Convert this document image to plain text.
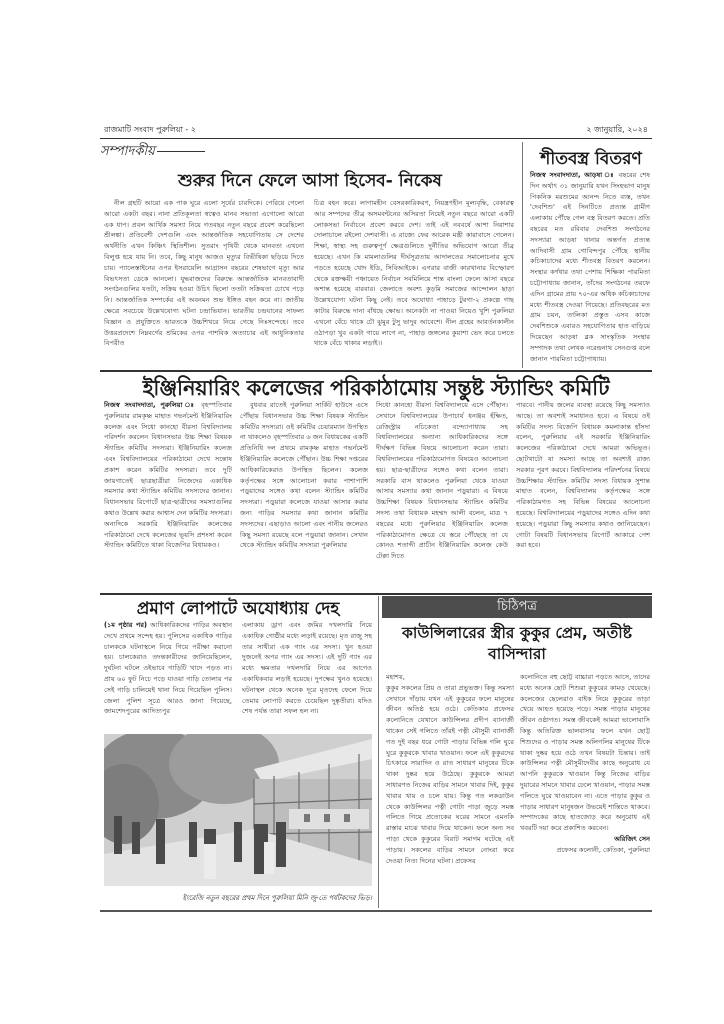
রাজমাটি সংবাদ পুরুলিয়া - ২	২ জানুয়ারি, ২০২৪
সম্পাদকীয়
শুরুর দিনে ফেলে আসা হিসেব- নিকেষ
নীল গ্রহটি আরো এক পাক ঘুরে এলো সূর্যের চারদিকে। পেরিয়ে গেলো আরো একটা বছর। নানা প্রতিকূলতা স্বত্বেও মানব সভ্যতা এগোলো আরো এক ধাপ। প্রবল আর্থিক সমস্যা নিয়ে গতবছর নতুন বছরে প্রবেশ করেছিলো শ্রীলঙ্কা। প্রতিবেশী দেশগুলি এবং আন্তর্জাতিক সহযোগিতায় সে দেশের অর্থনীতি এখন কিঞ্চিৎ স্থিতিশীল। সুতরাং পৃথিবী থেকে মানবতা এখনো বিলুপ্ত হয়ে যায় নি। তবে, কিছু মানুষ আজও মৃত্যুর বিভীষিকা ছড়িয়ে দিতে চায়। প্যালেস্তাইনের ওপর ইসরায়েলি আগ্রাসন বছরের শেষভাগে মৃত্যু আর বিভৎসতা ডেকে আনলো। যুদ্ধবাজদের বিরুদ্ধে আন্তর্জাতিক মানবতাবাদী সংগঠনগুলির যতটা, সক্রিয় হওয়া উচিৎ ছিলো ততটা সক্রিয়তা চোখে পড়ে নি। আন্তর্জাতিক সম্পর্কের এই অবনমন শুভ ইঙ্গিত বহন করে না। জাতীয় ক্ষেত্রে সবচেয়ে উল্লেখযোগ্য ঘটনা চন্দ্রাভিযান। ভারতীয় চন্দ্রযানের সাফল্য বিজ্ঞান ও প্রযুক্তিতে ভারতকে উচ্চশিখরে নিয়ে গেছে নিঃসন্দেহে। তবে উত্তরপ্রদেশে নিম্নবর্গের শ্রমিকের ওপর পাশবিক অত্যাচার এই আধুনিকতার বিপরীত
চিত্র বহন করে। লাগামহীন বেসরকারিকরণ, নিয়ন্ত্রণহীন মূল্যবৃদ্ধি, বেকারত্ব আর সম্পদের তীব্র অসমবন্টনের অসিরতা নিয়েই নতুন বছরে আরো একটি লোকসভা নির্বাচনে প্রবেশ করবে দেশ। তাই এই নববর্ষে আশা নিরাশার দোলাচালে রইলো দেশবাসী। এ রাজ্যে ফের আরেক মন্ত্রী কারাবাসে গেলেন। শিক্ষা, স্বাস্থ্য সহ গুরুত্বপূর্ণ ক্ষেত্রগুলিতে দুর্নীতির অভিযোগ আরো তীব্র হয়েছে। এখন কি মামলাগুলির দীর্ঘসূত্রতায় আদালতের সমালোচনার মুখে পড়তে হয়েছে খোদ ইডি, সিবিআইকে। এগরার বাজী কারখানার বিস্ফোরণ থেকে রক্তক্ষয়ী পঞ্চায়েত নির্বাচন সবমিলিয়ে শান্ত বাংলা ফেলে আসা বছরে অশান্ত হয়েছে বারবার। জেলাতে অবশ্য কুড়মি সমাজের আন্দোলন ছাড়া উল্লেখযোগ্য ঘটনা কিছু নেই। তবে অযোধ্যা পাহাড়ে টুরগা-২ প্রকল্পে গাছ কাটার বিরুদ্ধে দানা বাঁধছে ক্ষোভ। অনেকটা না পাওয়া নিয়েও খুশি পুরুলিয়া এখনো বেঁচে থাকে চৌ ঝুমুর টুসু ভাদুর আবেশে। নীল গ্রহের আবর্তনকালীন ওঠাপড়া খুব একটা গায়ে লাগে না, পাহাড় জঙ্গলের কুয়াশা ভেদ করে চলতে থাকে বেঁচে থাকার লড়াই।।
শীতবস্ত্র বিতরণ
নিজস্ব সংবাদদাতা, আড়ষা ঃ বছরের শেষ দিন অর্থাৎ ৩১ জানুয়ারি যখন সিংহভাগ মানুষ পিকনিক মরশুমের আনন্দ নিতে ব্যস্ত, তখন 'দেবশিশু' এই সিনটিতে প্রত্যন্ত গ্রামীণ এলাকায় পৌঁছে গেল বস্ত্র বিতরণ করতে। প্রতি বছরের মত রবিবার দেবশিশু সংগঠনের সদস্যারা আড়ষা থানার অন্তর্গত প্রত্যন্ত আদিবাসী গ্রাম গোবিন্দপুর পৌঁছে স্থানীয় কচিকাচাদের মধ্যে শীতবস্ত্র বিতরণ করলেন। সংস্থার কর্ণধার তথা পেশায় শিক্ষিকা পারমিতা চট্টোপাধ্যায় জানান, তাঁদের সংগঠনের তরফে এদিন গ্রামের প্রায় ৭০-এর অধিক কচিকাচাদের মধ্যে শীতবস্ত্র দেওয়া গিয়েছে। প্রতিবছরের মত গ্রাম চয়ন, তালিকা প্রস্তুত এসব কাজে দেবশিশুকে এবারও সহযোগিতার হাত বাড়িয়ে দিয়েছেন আড়ষা ব্লক সাংস্কৃতিক সংস্থার সম্পাদক তথা লেখক নরেন্দ্রনাথ সেনগুপ্ত বলে জানান পারমিতা চট্টোপাধ্যায়।
ইঞ্জিনিয়ারিং কলেজের পরিকাঠামোয় সন্তুষ্ট স্ট্যান্ডিং কমিটি
নিজস্ব সংবাদদাতা, পুরুলিয়া ঃ বৃহস্পতিবার পুরুলিয়ার রামকৃষ্ণ মাহাত গভর্নমেন্ট ইঞ্জিনিয়ারিং কলেজ এবং সিধো কানহো বীরসা বিশ্ববিদ্যালয় পরিদর্শন করলেন বিধানসভার উচ্চ শিক্ষা বিষয়ক স্ট্যান্ডিং কমিটির সদস্যরা। ইঞ্জিনিয়ারিং কলেজ এবং বিশ্ববিদ্যালয়ের পরিকাঠামো দেখে সন্তোষ প্রকাশ করেন কমিটির সদস্যরা। তবে দুটি জায়গাতেই ছাত্রছাত্রীরা নিজেদের একাধিক সমস্যার কথা স্ট্যান্ডিং কমিটির সদস্যদের জানান। বিধানসভার রিপোর্টে ছাত্র-ছাত্রীদের সমস্যাগুলির কথাও উল্লেখ করার আশ্বাস দেন কমিটির সদস্যরা। অন্যদিকে সরকারি ইঞ্জিনিয়ারিং কলেজের পরিকাঠামো দেখে কলেজের ভূয়সি প্রশংসা করেন স্ট্যান্ডিং কমিটিতে থাকা বিজেপির বিধায়কও।
বুধবার রাতেই পুরুলিয়া সার্কিট হাউসে এসে পৌঁছায় বিধানসভার উচ্চ শিক্ষা বিষয়ক স্ট্যান্ডিং কমিটির সদস্যরা। ওই কমিটির চেয়ারম্যান উপস্থিত না থাকলেও বৃহস্পতিবার ৬ জন বিধায়কের একটি প্রতিনিধি দল প্রথমে রামকৃষ্ণ মাহাত গভর্নমেন্ট ইঞ্জিনিয়ারিং কলেজে পৌঁছান। উচ্চ শিক্ষা দপ্তরের আধিকারিকেরাও উপস্থিত ছিলেন। কলেজ কর্তৃপক্ষের সঙ্গে আলোচনা করার পাশাপাশি পড়ুয়াদের সঙ্গেও কথা বলেন স্ট্যান্ডিং কমিটির সদস্যরা। পড়ুয়ারা কলেজে যাওয়া আসার করার জন্য গাড়ির সমস্যার কথা জানান কমিটির সদস্যদের। এছাড়াও আলো এবং পানীয় জলেরও কিছু সমস্যা রয়েছে বলে পড়ুয়ারা জানান। সেখান থেকে স্ট্যান্ডিং কমিটির সদস্যরা পুরুলিয়ার
সিধো কানহো বীরসা বিশ্ববিদ্যালয়ে এসে পৌঁছান। সেখানে বিশ্ববিদ্যালয়ের উপাচার্য ধনঞ্জয় হঁক্ষিত, রেজিস্ট্রার নচিকেতা বন্দ্যোপাধ্যায় সহ বিশ্ববিদ্যালয়ের অন্যান্য আধিকারিকদের সঙ্গে দীর্ঘক্ষণ বিভিন্ন বিষয়ে আলোচনা করেন তারা। বিশ্ববিদ্যালয়ের পরিকাঠামোগত বিষয়েও আলোচনা হয়। ছাত্র-ছাত্রীদের সঙ্গেও কথা বলেন তারা। সরকারি বাস থাকলেও পুরুলিয়া থেকে যাওয়া আসার সমস্যার কথা জানান পড়ুয়ারা। এ বিষয়ে উচ্চশিক্ষা বিষয়ক বিধানসভার স্ট্যান্ডিং কমিটির সদস্য তথা বিধায়ক মহম্মদ আলী বলেন, মাত্র ৭ বছরের মধ্যে পুরুলিয়ার ইঞ্জিনিয়ারিং কলেজ পরিকাঠামোগত ক্ষেত্রে যে স্তরে পৌঁছেছে তা যে কোনও শতাব্দী প্রাচীন ইঞ্জিনিয়ারিং কলেজ কেউ টেক্কা দিতে
পারবে। পানীয় জলের ব্যবস্থা রয়েছে কিছু সমস্যাও আছে। তা অবশ্যই সমাধানও হবে। এ বিষয়ে ওই কমিটির সদস্য বিজেপি বিধায়ক কমলাকান্ত হাঁসদা বলেন, পুরুলিয়ার এই সরকারি ইঞ্জিনিয়ারিং কলেজের পরিকাঠামো দেখে আমরা অভিভূত। ছোটখাটো যা সমস্যা আছে তা অবশ্যই রাজ্য সরকার পূরণ করবে। বিশ্ববিদ্যালয় পরিদর্শনের বিষয়ে উচ্চশিক্ষার স্ট্যান্ডিং কমিটির সদস্য বিধায়ক সুশান্ত মাহাত বলেন, বিশ্ববিদ্যালয় কর্তৃপক্ষের সঙ্গে পরিকাঠামগত সহ বিভিন্ন বিষয়ের আলোচনা হয়েছে। বিশ্ববিদ্যালয়ের পড়ুয়াদের সঙ্গেও এদিন কথা হয়েছে। পড়ুয়ারা কিছু সমস্যার কথাও জানিয়েছেন। গোটা বিষয়টি বিধানসভায় রিপোর্ট আকারে পেশ করা হবে।
প্রমাণ লোপাটে অযোধ্যায় দেহ
(১ম পৃষ্ঠার পর) আধিকারিকদের গাড়ির অবস্থান দেখে প্রথমে সন্দেহ হয়। পুলিসের একাধিক গাড়ির চালককে ঘটনাস্থলে নিয়ে গিয়ে পরীক্ষা করানো হয়। চালকেরাও তদন্তকারীদের জানিয়েছিলেন, দুর্ঘটনা ঘটলে ওইভাবে গাড়িটি খাদে পড়ত না। প্রায় ৬০ ফুট নিচে পড়ে যাওয়া গাড়ি তোলার পর সেই গাড়ি চালিয়েই থানা নিয়ে গিয়েছিল পুলিস। জেলা পুলিশ সূত্রে আরও জানা গিয়েছে, জামশেদপুরের আদিত্যপুর
এলাকায় ড্রাগ এবং জমির দখলদারি নিয়ে একাধিক গোষ্ঠীর মধ্যে লড়াই রয়েছে। মৃত রাজু সহ তার সাথীরা এক গ্যাং এর সদস্য। খুন হওয়া দুজনেই অপর গ্যাং এর সদস্য। এই দুটি গ্যাং এর মধ্যে ক্ষমতার দখলদারি নিয়ে এর আগেও একাধিকবার লড়াই হয়েছে। দুপক্ষের খুনও হয়েছে। ঘটনাস্থল থেকে অনেক দূরে মৃতদেহ ফেলে দিয়ে তেমার লোপাট করতে চেয়েছিল দুষ্কৃতীরা। যদিও শেষ পর্যন্ত তারা সফল হল না।
ইংরেজি নতুন বছরের প্রথম দিনে পুরুলিয়া মিনি জু-তে পর্যটকদের ভিড়।
চিঠিপত্র
কাউন্সিলারের স্ত্রীর কুকুর প্রেম, অতীষ্ট বাসিন্দারা
মহাশয়,
কুকুর সকলের প্রিয় ও তারা প্রভুভক্ত। কিন্তু সমস্যা সেখানে দাঁড়ায় যখন এই কুকুরের ফলে মানুষের জীবন অতিষ্ঠ হয়ে ওঠে। কেতিকার প্রফেসর কলোনিতে যেখানে কাউন্সিলর প্রদীপ ব্যানার্জী থাকেন সেই গলিতে তাঁরই পত্নী মৌসুমী ব্যানার্জী গত দুই বছর ধরে গোটা পাড়ার বিভিন্ন গলি ঘুরে ঘুরে কুকুরকে খাবার খাওয়ান। ফলে এই কুকুরদের চিৎকারে সারাদিন ও রাত সাধারণ মানুষের টিকে থাকা দুষ্কর হয়ে উঠেছে। কুকুরকে আমরা সাধারণত নিজের বাড়ির সামনে খাবার দিই, কুকুর খাবার খায় ও চলে যায়। কিন্তু গত লকডাউন থেকে কাউন্সিলর পত্নী গোটা পাড়া জুড়ে সমস্ত গলিতে গিয়ে প্রত্যেকের ঘরের সামনে এমনকি রাস্তার মাঝে খাবার দিয়ে থাকেন। ফলে অন্য সব পাড়া থেকে কুকুরের বিরাট সমাগম ঘটেছে এই পাড়ায়। সকলের বাড়ির সামনে নোংরা করে দেওয়া নিত্য দিনের ঘটনা। প্রফেসর
কলোনিতে বহু ছোট্ট বাচ্চারা পড়তে আসে, তাদের মধ্যে অনেক ছোট শিশুরা কুকুরের কামড় খেয়েছে। কলেজের ছেলেরাও বাইক নিয়ে কুকুরের তাড়া খেয়ে আহত হয়েছে পড়ে। সমস্ত পাড়ার মানুষের জীবন ওষ্ঠাগত। সমস্ত জীবকেই আমরা ভালোবাসি কিন্তু অতিরিক্ত ভালবাসার ফলে যখন ছোট্ট শিশুদের ও পাড়ার সমস্ত অলিগলির মানুষের টিকে থাকা দুষ্কর হয়ে ওঠে তখন বিষয়টা চিন্তার। তাই কাউন্সিলর পত্নী মৌসুমীদেবীর কাছে অনুরোধ যে আপনি কুকুরকে খাওয়ান কিন্তু নিজের বাড়ির দুয়ারের সামনে খাবার ঢেলে খাওয়ান, পাড়ার সমস্ত গলিতে ঘুরে খাওয়াবেন না। এতে পাড়ার কুকুর ও পাড়ার সাধারণ মানুষজন উভয়েই শান্তিতে থাকবে। সম্পাদকের কাছে হাতজোড় করে অনুরোধ এই খবরটি দয়া করে প্রকাশিত করবেন।
অরিজিৎ সেন
প্রফেসর কলোনী, কেতিকা, পুরুলিয়া
